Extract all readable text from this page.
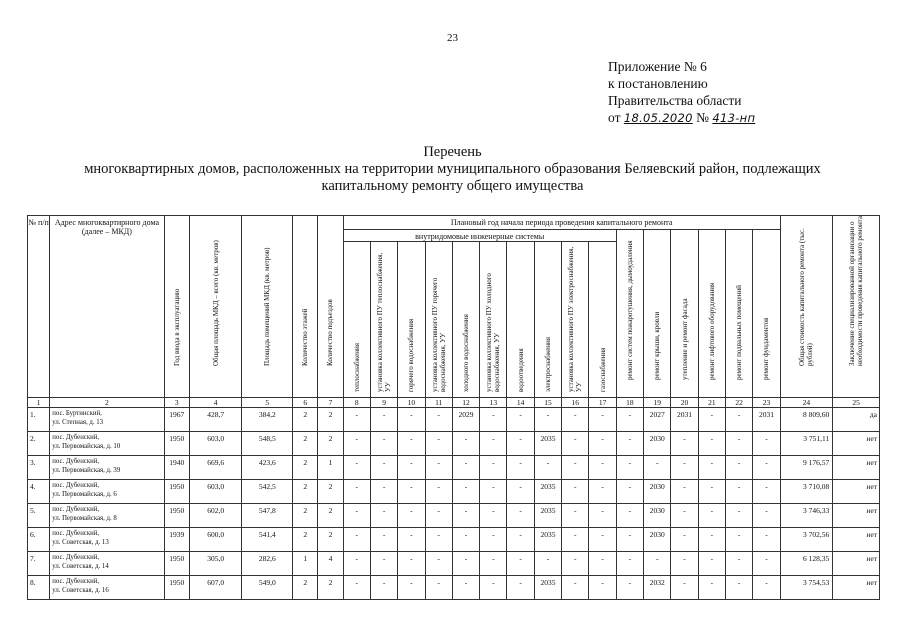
23
Приложение № 6
к постановлению
Правительства области
от 18.05.2020 № 413-нп
Перечень
многоквартирных домов, расположенных на территории муниципального образования Беляевский район, подлежащих
капитальному ремонту общего имущества
№ п/п	Адрес многоквартирного дома (далее – МКД)	Год ввода в эксплуатацию	Общая площадь МКД – всего (кв. метров)	Площадь помещений МКД (кв. метров)	Количество этажей	Количество подъездов	Плановый год начала периода проведения капитального ремонта																Общая стоимость капитального ремонта (тыс. рублей)	Заключение специализированной организации о необходимости проведения капитального ремонта

							внутридомовые инженерные системы										ремонт систем пожаротушения, дымоудаления	ремонт крыши, кровли	утепление и ремонт фасада	ремонт лифтового оборудования	ремонт подвальных помещений	ремонт фундаментов		

							теплоснабжения	установка коллективного ПУ теплоснабжения, УУ	горячего водоснабжения	установка коллективного ПУ горячего водоснабжения, УУ	холодного водоснабжения	установка коллективного ПУ холодного водоснабжения, УУ	водоотведения	электроснабжения	установка коллективного ПУ электроснабжения, УУ	газоснабжения								

1	2	3	4	5	6	7	8	9	10	11	12	13	14	15	16	17	18	19	20	21	22	23	24	25
1.	пос. Буртинский,
ул. Степная, д. 13	1967	428,7	384,2	2	2	-	-	-	-	2029	-	-	-	-	-	-	2027	2031	-	-	2031	8 809,60	да
2.	пос. Дубенский,
ул. Первомайская, д. 10	1950	603,0	548,5	2	2	-	-	-	-	-	-	-	2035	-	-	-	2030	-	-	-	-	3 751,11	нет
3.	пос. Дубенский,
ул. Первомайская, д. 39	1940	669,6	423,6	2	1	-	-	-	-	-	-	-	-	-	-	-	-	-	-	-	-	9 176,57	нет
4.	пос. Дубенский,
ул. Первомайская, д. 6	1950	603,0	542,5	2	2	-	-	-	-	-	-	-	2035	-	-	-	2030	-	-	-	-	3 710,08	нет
5.	пос. Дубенский,
ул. Первомайская, д. 8	1950	602,0	547,8	2	2	-	-	-	-	-	-	-	2035	-	-	-	2030	-	-	-	-	3 746,33	нет
6.	пос. Дубенский,
ул. Советская, д. 13	1939	600,0	541,4	2	2	-	-	-	-	-	-	-	2035	-	-	-	2030	-	-	-	-	3 702,56	нет
7.	пос. Дубенский,
ул. Советская, д. 14	1950	305,0	282,6	1	4	-	-	-	-	-	-	-	-	-	-	-	-	-	-	-	-	6 128,35	нет
8.	пос. Дубенский,
ул. Советская, д. 16	1950	607,0	549,0	2	2	-	-	-	-	-	-	-	2035	-	-	-	2032	-	-	-	-	3 754,53	нет
